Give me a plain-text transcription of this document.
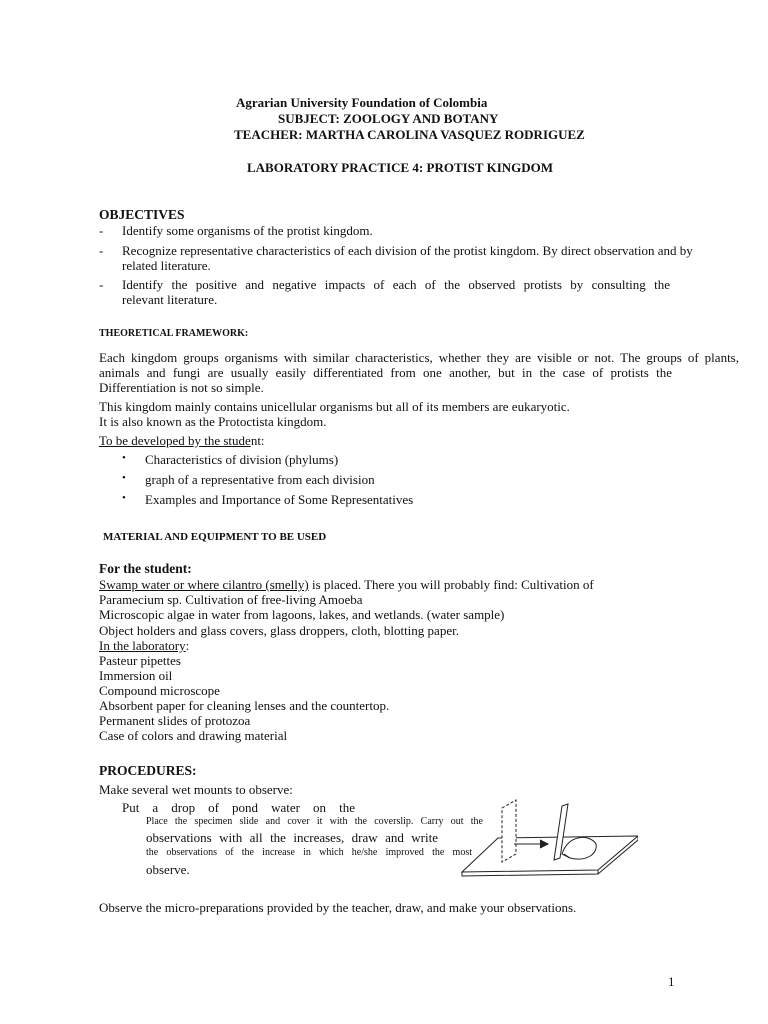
Agrarian University Foundation of Colombia
SUBJECT: ZOOLOGY AND BOTANY
TEACHER: MARTHA CAROLINA VASQUEZ RODRIGUEZ
LABORATORY PRACTICE 4: PROTIST KINGDOM
OBJECTIVES
- Identify some organisms of the protist kingdom.
- Recognize representative characteristics of each division of the protist kingdom. By direct observation and by
related literature.
- Identify the positive and negative impacts of each of the observed protists by consulting the
relevant literature.
THEORETICAL FRAMEWORK:
Each kingdom groups organisms with similar characteristics, whether they are visible or not. The groups of plants,
animals and fungi are usually easily differentiated from one another, but in the case of protists the
Differentiation is not so simple.
This kingdom mainly contains unicellular organisms but all of its members are eukaryotic.
It is also known as the Protoctista kingdom.
To be developed by the student:
• Characteristics of division (phylums)
• graph of a representative from each division
• Examples and Importance of Some Representatives
MATERIAL AND EQUIPMENT TO BE USED
For the student:
Swamp water or where cilantro (smelly) is placed. There you will probably find: Cultivation of
Paramecium sp. Cultivation of free-living Amoeba
Microscopic algae in water from lagoons, lakes, and wetlands. (water sample)
Object holders and glass covers, glass droppers, cloth, blotting paper.
In the laboratory:
Pasteur pipettes
Immersion oil
Compound microscope
Absorbent paper for cleaning lenses and the countertop.
Permanent slides of protozoa
Case of colors and drawing material
PROCEDURES:
Make several wet mounts to observe:
Put a drop of pond water on the
Place the specimen slide and cover it with the coverslip. Carry out the
observations with all the increases, draw and write
the observations of the increase in which he/she improved the most
observe.
Observe the micro-preparations provided by the teacher, draw, and make your observations.
1
